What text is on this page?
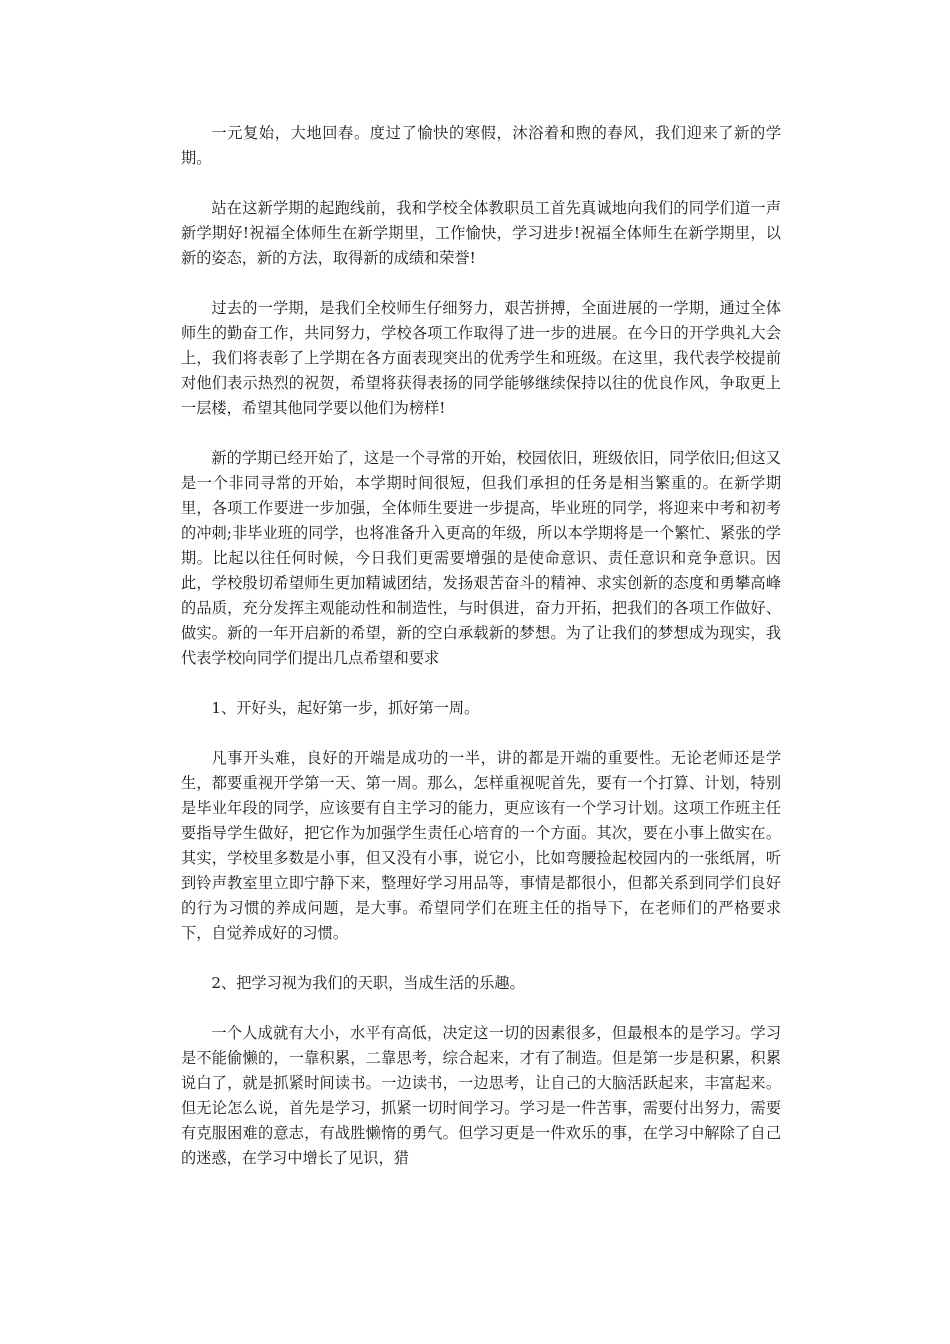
一元复始，大地回春。度过了愉快的寒假，沐浴着和煦的春风，我们迎来了新的学期。

站在这新学期的起跑线前，我和学校全体教职员工首先真诚地向我们的同学们道一声新学期好!祝福全体师生在新学期里，工作愉快，学习进步!祝福全体师生在新学期里，以新的姿态，新的方法，取得新的成绩和荣誉!

过去的一学期，是我们全校师生仔细努力，艰苦拼搏，全面进展的一学期，通过全体师生的勤奋工作，共同努力，学校各项工作取得了进一步的进展。在今日的开学典礼大会上，我们将表彰了上学期在各方面表现突出的优秀学生和班级。在这里，我代表学校提前对他们表示热烈的祝贺，希望将获得表扬的同学能够继续保持以往的优良作风，争取更上一层楼，希望其他同学要以他们为榜样!

新的学期已经开始了，这是一个寻常的开始，校园依旧，班级依旧，同学依旧;但这又是一个非同寻常的开始，本学期时间很短，但我们承担的任务是相当繁重的。在新学期里，各项工作要进一步加强，全体师生要进一步提高，毕业班的同学，将迎来中考和初考的冲刺;非毕业班的同学，也将准备升入更高的年级，所以本学期将是一个繁忙、紧张的学期。比起以往任何时候，今日我们更需要增强的是使命意识、责任意识和竞争意识。因此，学校殷切希望师生更加精诚团结，发扬艰苦奋斗的精神、求实创新的态度和勇攀高峰的品质，充分发挥主观能动性和制造性，与时俱进，奋力开拓，把我们的各项工作做好、做实。新的一年开启新的希望，新的空白承载新的梦想。为了让我们的梦想成为现实，我代表学校向同学们提出几点希望和要求

1、开好头，起好第一步，抓好第一周。

凡事开头难，良好的开端是成功的一半，讲的都是开端的重要性。无论老师还是学生，都要重视开学第一天、第一周。那么，怎样重视呢首先，要有一个打算、计划，特别是毕业年段的同学，应该要有自主学习的能力，更应该有一个学习计划。这项工作班主任要指导学生做好，把它作为加强学生责任心培育的一个方面。其次，要在小事上做实在。其实，学校里多数是小事，但又没有小事，说它小，比如弯腰捡起校园内的一张纸屑，听到铃声教室里立即宁静下来，整理好学习用品等，事情是都很小，但都关系到同学们良好的行为习惯的养成问题，是大事。希望同学们在班主任的指导下，在老师们的严格要求下，自觉养成好的习惯。

2、把学习视为我们的天职，当成生活的乐趣。

一个人成就有大小，水平有高低，决定这一切的因素很多，但最根本的是学习。学习是不能偷懒的，一靠积累，二靠思考，综合起来，才有了制造。但是第一步是积累，积累说白了，就是抓紧时间读书。一边读书，一边思考，让自己的大脑活跃起来，丰富起来。但无论怎么说，首先是学习，抓紧一切时间学习。学习是一件苦事，需要付出努力，需要有克服困难的意志，有战胜懒惰的勇气。但学习更是一件欢乐的事，在学习中解除了自己的迷惑，在学习中增长了见识，猎
